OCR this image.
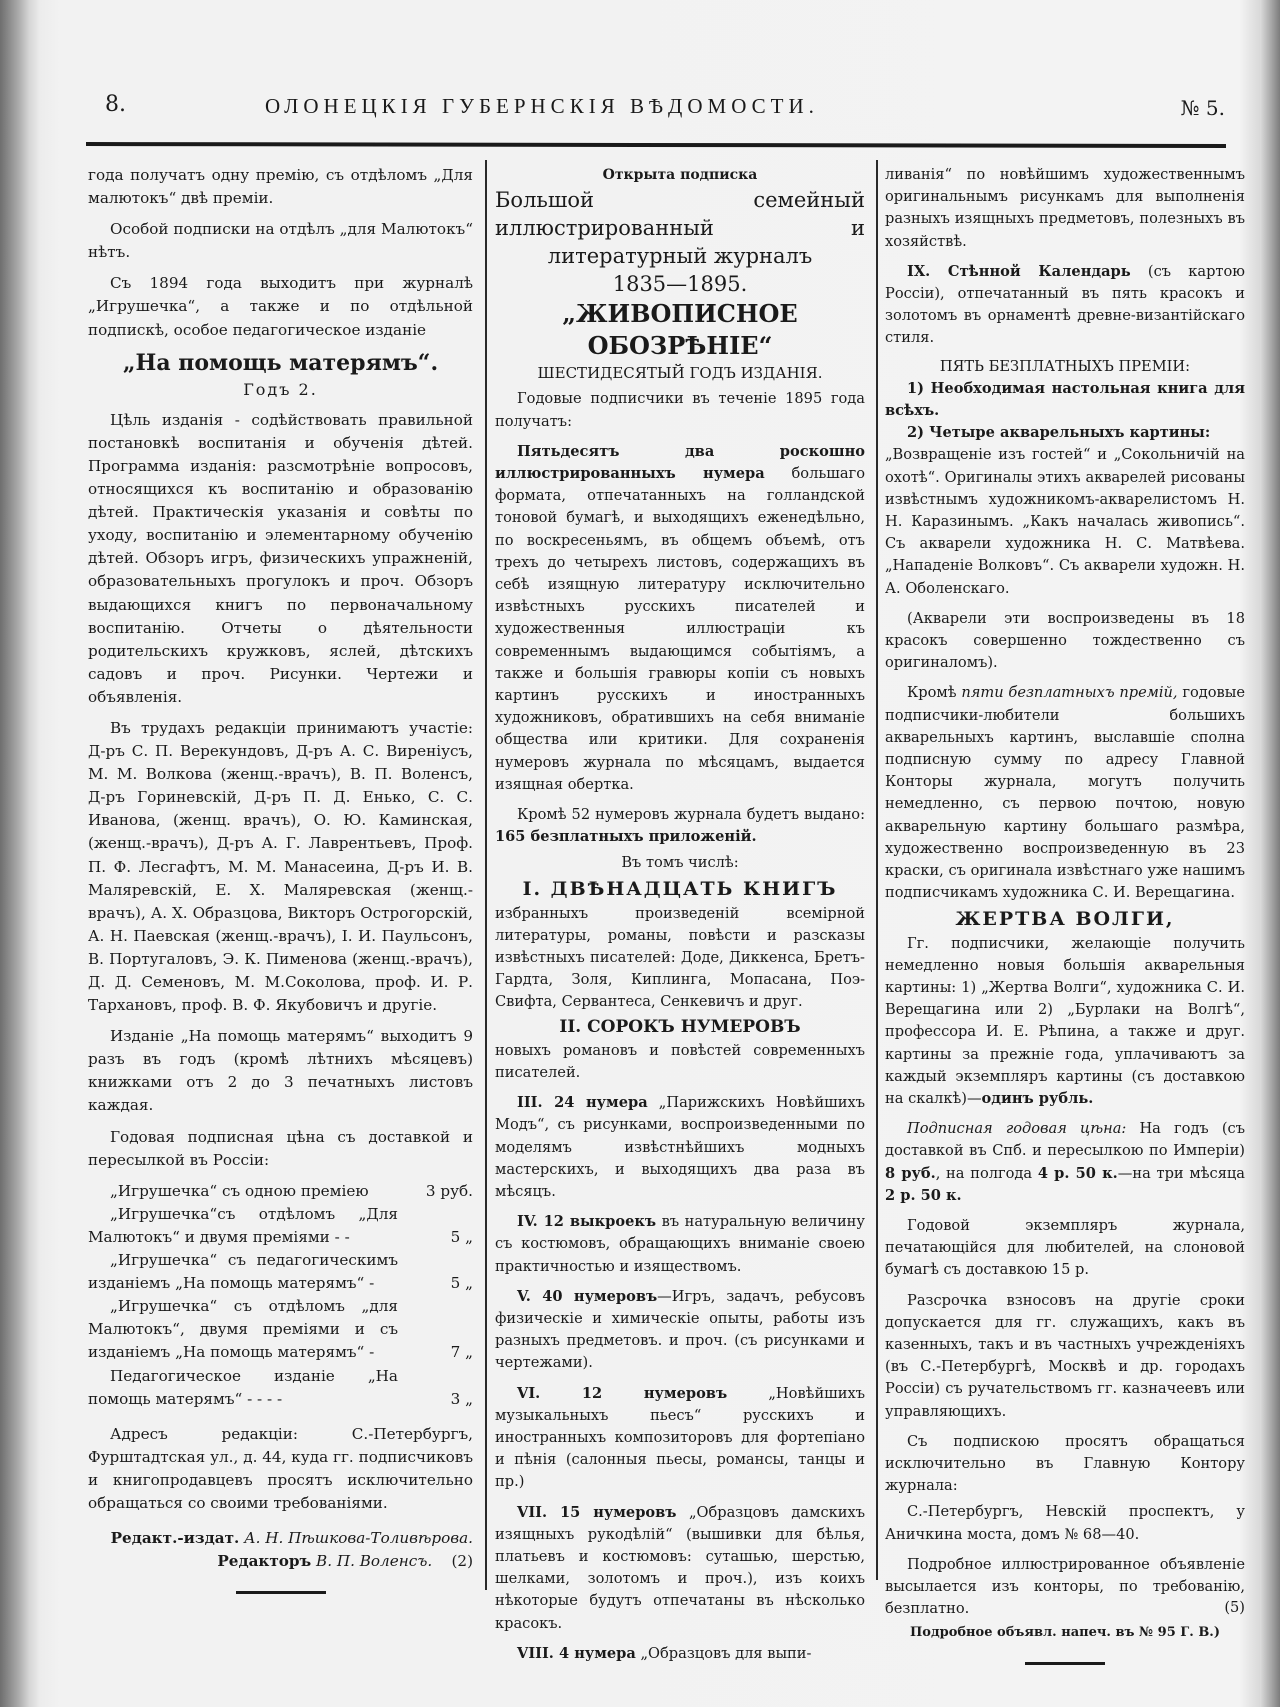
8.	ОЛОНЕЦКІЯ ГУБЕРНСКІЯ ВѢДОМОСТИ.	№ 5.

года получатъ одну премію, съ отдѣломъ „Для малютокъ“ двѣ преміи.

Особой подписки на отдѣлъ „для Малютокъ“ нѣтъ.

Съ 1894 года выходитъ при журналѣ „Игрушечка“, а также и по отдѣльной подпискѣ, особое педагогическое изданіе

„На помощь матерямъ“.

Годъ 2.

Цѣль изданія - содѣйствовать правильной постановкѣ воспитанія и обученія дѣтей. Программа изданія: разсмотрѣніе вопросовъ, относящихся къ воспитанію и образованію дѣтей. Практическія указанія и совѣты по уходу, воспитанію и элементарному обученію дѣтей. Обзоръ игръ, физическихъ упражненій, образовательныхъ прогулокъ и проч. Обзоръ выдающихся книгъ по первоначальному воспитанію. Отчеты о дѣятельности родительскихъ кружковъ, яслей, дѣтскихъ садовъ и проч. Рисунки. Чертежи и объявленія.

Въ трудахъ редакціи принимаютъ участіе: Д-ръ С. П. Верекундовъ, Д-ръ А. С. Виреніусъ, М. М. Волкова (женщ.-врачъ), В. П. Воленсъ, Д-ръ Гориневскій, Д-ръ П. Д. Енько, С. С. Иванова, (женщ. врачъ), О. Ю. Каминская, (женщ.-врачъ), Д-ръ А. Г. Лаврентьевъ, Проф. П. Ф. Лесгафтъ, М. М. Манасеина, Д-ръ И. В. Маляревскій, Е. Х. Маляревская (женщ.-врачъ), А. Х. Образцова, Викторъ Острогорскій, А. Н. Паевская (женщ.-врачъ), І. И. Паульсонъ, В. Португаловъ, Э. К. Пименова (женщ.-врачъ), Д. Д. Семеновъ, М. М.Соколова, проф. И. Р. Тархановъ, проф. В. Ф. Якубовичъ и другіе.

Изданіе „На помощь матерямъ“ выходитъ 9 разъ въ годъ (кромѣ лѣтнихъ мѣсяцевъ) книжками отъ 2 до 3 печатныхъ листовъ каждая.

Годовая подписная цѣна съ доставкой и пересылкой въ Россіи:

„Игрушечка“ съ одною преміею	3 руб.
„Игрушечка“съ отдѣломъ „Для Малютокъ“ и двумя преміями - -	5 „
„Игрушечка“ съ педагогическимъ изданіемъ „На помощь матерямъ“ -	5 „
„Игрушечка“ съ отдѣломъ „для Малютокъ“, двумя преміями и съ изданіемъ „На помощь матерямъ“ -	7 „
Педагогическое изданіе „На помощь матерямъ“ - - - -	3 „

Адресъ редакціи: С.-Петербургъ, Фурштадтская ул., д. 44, куда гг. подписчиковъ и книгопродавцевъ просятъ исключительно обращаться со своими требованіями.

Редакт.-издат. А. Н. Пѣшкова-Толивѣрова.

Редакторъ В. П. Воленсъ. (2)

Открыта подписка

Большой семейный иллюстрированный и литературный журналъ

1835—1895.

„ЖИВОПИСНОЕ ОБОЗРѢНІЕ“

ШЕСТИДЕСЯТЫЙ ГОДЪ ИЗДАНІЯ.

Годовые подписчики въ теченіе 1895 года получатъ:

Пятьдесятъ два роскошно иллюстрированныхъ нумера большаго формата, отпечатанныхъ на голландской тоновой бумагѣ, и выходящихъ еженедѣльно, по воскресеньямъ, въ общемъ объемѣ, отъ трехъ до четырехъ листовъ, содержащихъ въ себѣ изящную литературу исключительно извѣстныхъ русскихъ писателей и художественныя иллюстраціи къ современнымъ выдающимся событіямъ, а также и большія гравюры копіи съ новыхъ картинъ русскихъ и иностранныхъ художниковъ, обратившихъ на себя вниманіе общества или критики. Для сохраненія нумеровъ журнала по мѣсяцамъ, выдается изящная обертка.

Кромѣ 52 нумеровъ журнала будетъ выдано: 165 безплатныхъ приложеній.

Въ томъ числѣ:

I. ДВѢНАДЦАТЬ КНИГЪ

избранныхъ произведеній всемірной литературы, романы, повѣсти и разсказы извѣстныхъ писателей: Доде, Диккенса, Бретъ-Гардта, Золя, Киплинга, Мопасана, Поэ-Свифта, Сервантеса, Сенкевичъ и друг.

II. СОРОКЪ НУМЕРОВЪ

новыхъ романовъ и повѣстей современныхъ писателей.

III. 24 нумера „Парижскихъ Новѣйшихъ Модъ“, съ рисунками, воспроизведенными по моделямъ извѣстнѣйшихъ модныхъ мастерскихъ, и выходящихъ два раза въ мѣсяцъ.

IV. 12 выкроекъ въ натуральную величину съ костюмовъ, обращающихъ вниманіе своею практичностью и изяществомъ.

V. 40 нумеровъ—Игръ, задачъ, ребусовъ физическіе и химическіе опыты, работы изъ разныхъ предметовъ. и проч. (съ рисунками и чертежами).

VI. 12 нумеровъ „Новѣйшихъ музыкальныхъ пьесъ“ русскихъ и иностранныхъ композиторовъ для фортепіано и пѣнія (салонныя пьесы, романсы, танцы и пр.)

VII. 15 нумеровъ „Образцовъ дамскихъ изящныхъ рукодѣлій“ (вышивки для бѣлья, платьевъ и костюмовъ: суташью, шерстью, шелками, золотомъ и проч.), изъ коихъ нѣкоторые будутъ отпечатаны въ нѣсколько красокъ.

VIII. 4 нумера „Образцовъ для выпи-

ливанія“ по новѣйшимъ художественнымъ оригинальнымъ рисункамъ для выполненія разныхъ изящныхъ предметовъ, полезныхъ въ хозяйствѣ.

IX. Стѣнной Календарь (съ картою Россіи), отпечатанный въ пять красокъ и золотомъ въ орнаментѣ древне-византійскаго стиля.

ПЯТЬ БЕЗПЛАТНЫХЪ ПРЕМІИ:

1) Необходимая настольная книга для всѣхъ.

2) Четыре акварельныхъ картины:

„Возвращеніе изъ гостей“ и „Сокольничій на охотѣ“. Оригиналы этихъ акварелей рисованы извѣстнымъ художникомъ-акварелистомъ Н. Н. Каразинымъ. „Какъ началась живопись“. Съ акварели художника Н. С. Матвѣева. „Нападеніе Волковъ“. Съ акварели художн. Н. А. Оболенскаго.

(Акварели эти воспроизведены въ 18 красокъ совершенно тождественно съ оригиналомъ).

Кромѣ пяти безплатныхъ премій, годовые подписчики-любители большихъ акварельныхъ картинъ, выславшіе сполна подписную сумму по адресу Главной Конторы журнала, могутъ получить немедленно, съ первою почтою, новую акварельную картину большаго размѣра, художественно воспроизведенную въ 23 краски, съ оригинала извѣстнаго уже нашимъ подписчикамъ художника С. И. Верещагина.

ЖЕРТВА ВОЛГИ,

Гг. подписчики, желающіе получить немедленно новыя большія акварельныя картины: 1) „Жертва Волги“, художника С. И. Верещагина или 2) „Бурлаки на Волгѣ“, профессора И. Е. Рѣпина, а также и друг. картины за прежніе года, уплачиваютъ за каждый экземпляръ картины (съ доставкою на скалкѣ)—одинъ рубль.

Подписная годовая цѣна: На годъ (съ доставкой въ Спб. и пересылкою по Имперіи) 8 руб., на полгода 4 р. 50 к.—на три мѣсяца 2 р. 50 к.

Годовой экземпляръ журнала, печатающійся для любителей, на слоновой бумагѣ съ доставкою 15 р.

Разсрочка взносовъ на другіе сроки допускается для гг. служащихъ, какъ въ казенныхъ, такъ и въ частныхъ учрежденіяхъ (въ С.-Петербургѣ, Москвѣ и др. городахъ Россіи) съ ручательствомъ гг. казначеевъ или управляющихъ.

Съ подпискою просятъ обращаться исключительно въ Главную Контору журнала:

С.-Петербургъ, Невскій проспектъ, у Аничкина моста, домъ № 68—40.

Подробное иллюстрированное объявленіе высылается изъ конторы, по требованію, безплатно.	(5)

Подробное объявл. напеч. въ № 95 Г. В.)
